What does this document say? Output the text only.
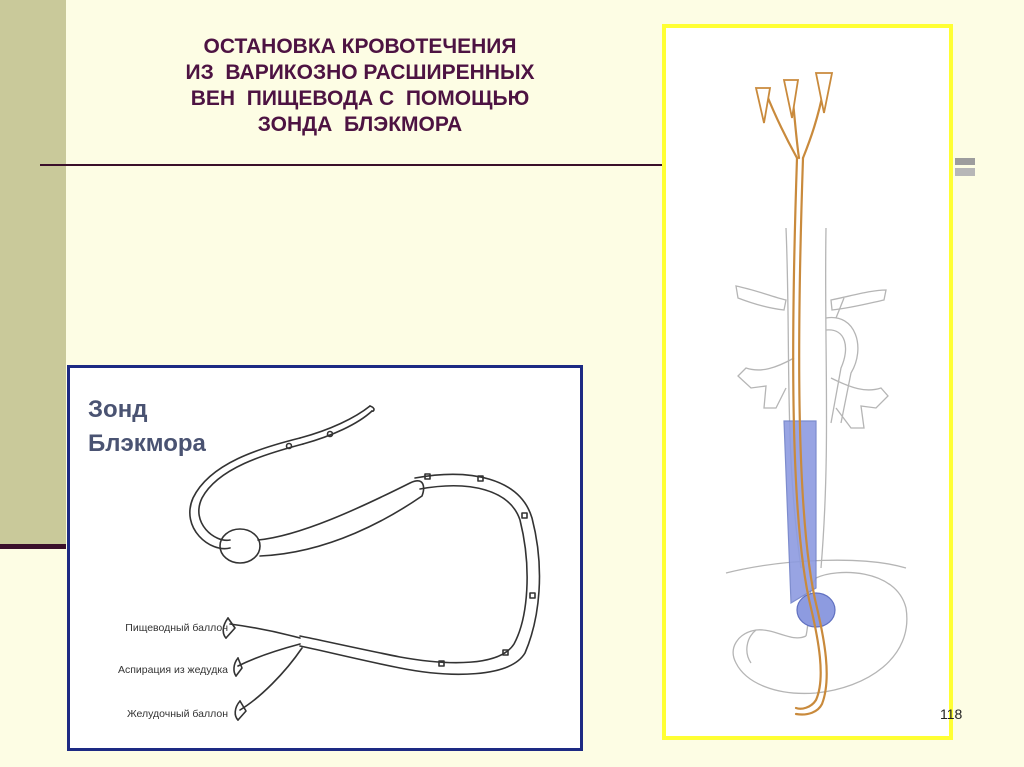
ОСТАНОВКА КРОВОТЕЧЕНИЯ
ИЗ  ВАРИКОЗНО РАСШИРЕННЫХ
ВЕН  ПИЩЕВОДА С  ПОМОЩЬЮ
ЗОНДА  БЛЭКМОРА
Зонд
Блэкмора
Пищеводный баллон
Аспирация из жедудка
Желудочный баллон	118
